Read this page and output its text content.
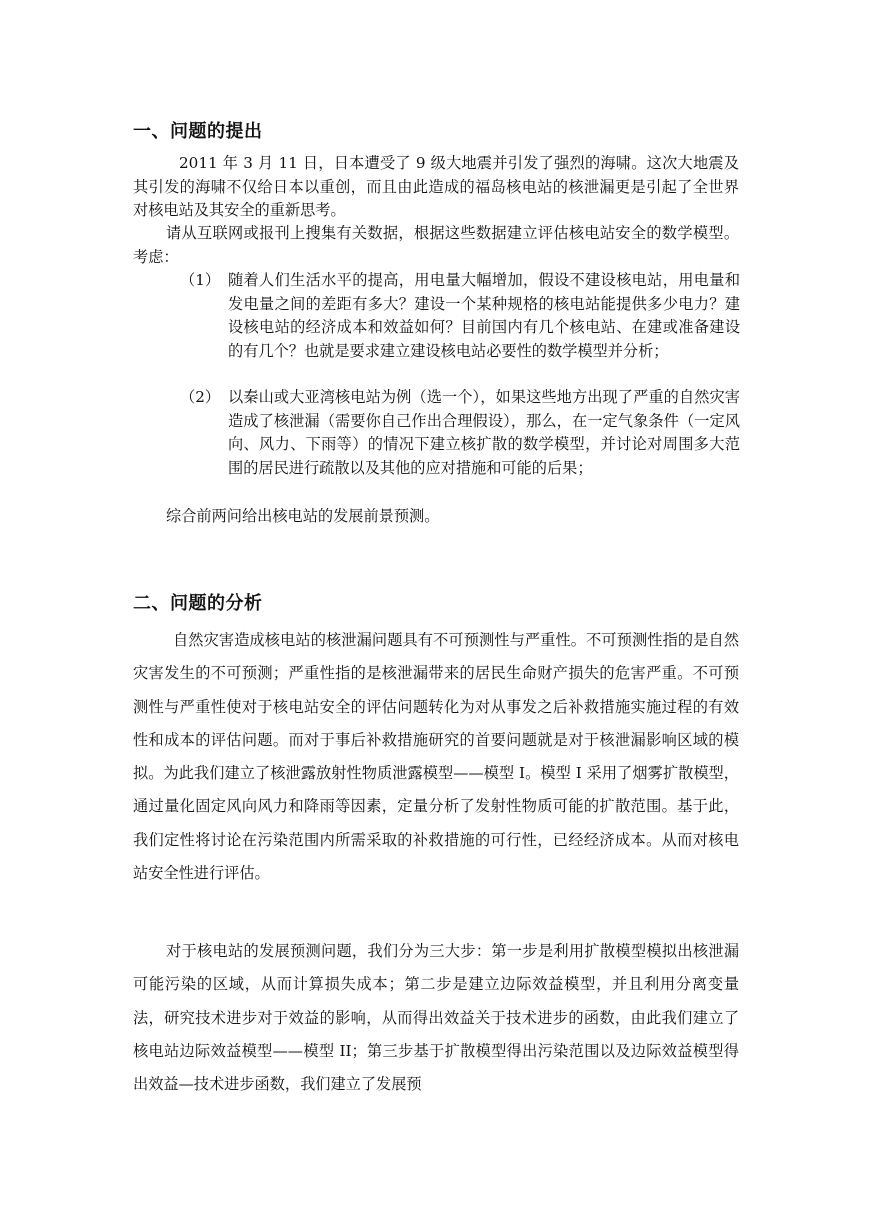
一、问题的提出
2011 年 3 月 11 日，日本遭受了 9 级大地震并引发了强烈的海啸。这次大地震及其引发的海啸不仅给日本以重创，而且由此造成的福岛核电站的核泄漏更是引起了全世界对核电站及其安全的重新思考。
请从互联网或报刊上搜集有关数据，根据这些数据建立评估核电站安全的数学模型。考虑：
（1） 随着人们生活水平的提高，用电量大幅增加，假设不建设核电站，用电量和发电量之间的差距有多大？建设一个某种规格的核电站能提供多少电力？建设核电站的经济成本和效益如何？目前国内有几个核电站、在建或准备建设的有几个？也就是要求建立建设核电站必要性的数学模型并分析；
（2） 以秦山或大亚湾核电站为例（选一个），如果这些地方出现了严重的自然灾害造成了核泄漏（需要你自己作出合理假设），那么，在一定气象条件（一定风向、风力、下雨等）的情况下建立核扩散的数学模型，并讨论对周围多大范围的居民进行疏散以及其他的应对措施和可能的后果；
综合前两问给出核电站的发展前景预测。
二、问题的分析
自然灾害造成核电站的核泄漏问题具有不可预测性与严重性。不可预测性指的是自然灾害发生的不可预测；严重性指的是核泄漏带来的居民生命财产损失的危害严重。不可预测性与严重性使对于核电站安全的评估问题转化为对从事发之后补救措施实施过程的有效性和成本的评估问题。而对于事后补救措施研究的首要问题就是对于核泄漏影响区域的模拟。为此我们建立了核泄露放射性物质泄露模型——模型 I。模型 I 采用了烟雾扩散模型，通过量化固定风向风力和降雨等因素，定量分析了发射性物质可能的扩散范围。基于此，我们定性将讨论在污染范围内所需采取的补救措施的可行性，已经经济成本。从而对核电站安全性进行评估。
对于核电站的发展预测问题，我们分为三大步：第一步是利用扩散模型模拟出核泄漏可能污染的区域，从而计算损失成本；第二步是建立边际效益模型，并且利用分离变量法，研究技术进步对于效益的影响，从而得出效益关于技术进步的函数，由此我们建立了核电站边际效益模型——模型 II；第三步基于扩散模型得出污染范围以及边际效益模型得出效益—技术进步函数，我们建立了发展预
